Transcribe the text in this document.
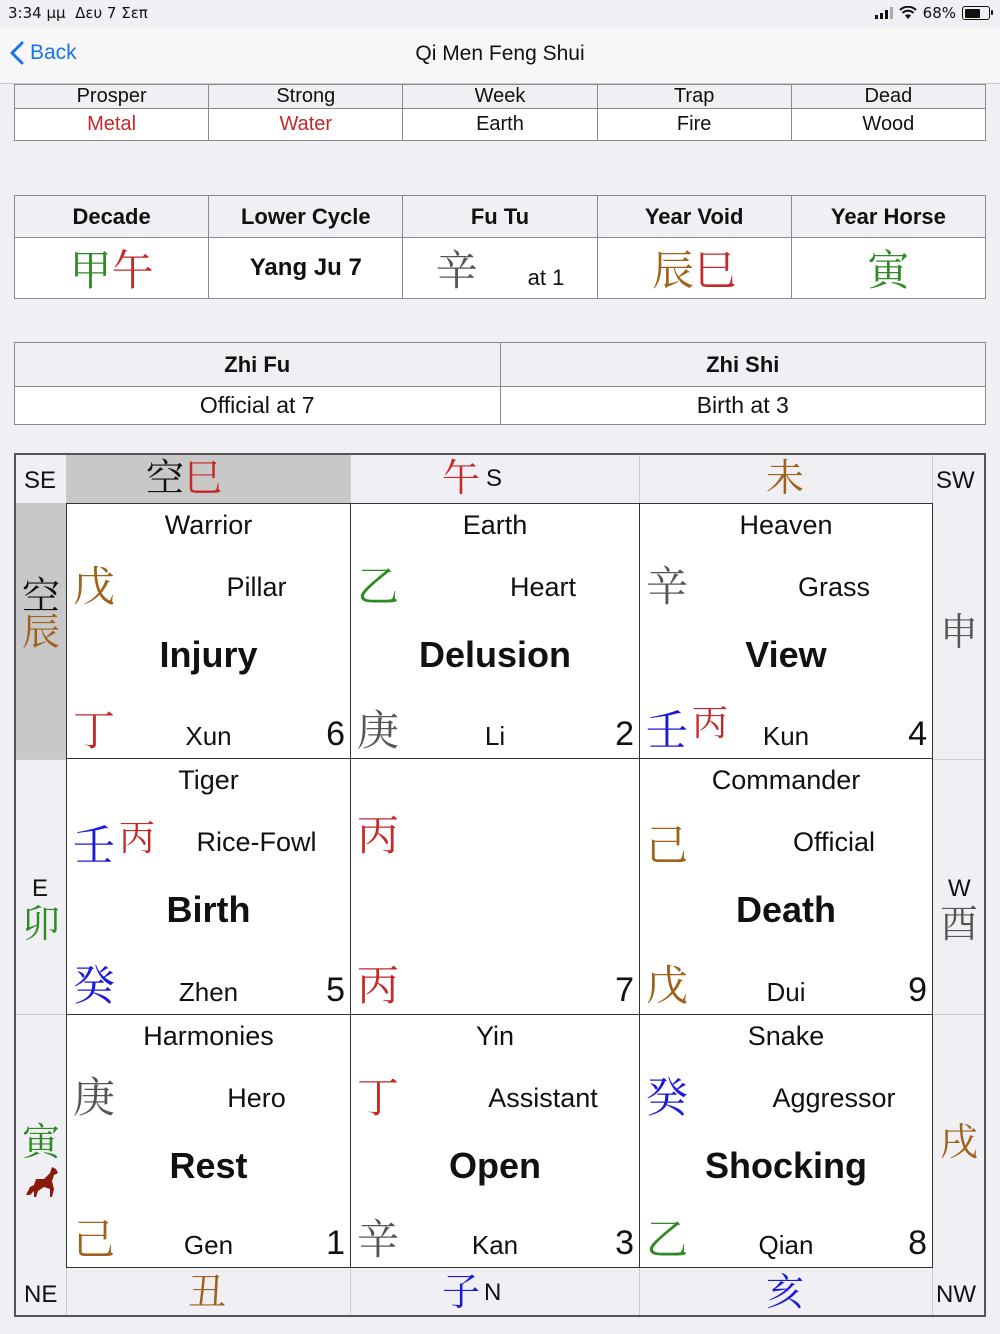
3:34 μμ Δευ 7 Σεπ	68%
Back	Qi Men Feng Shui
Prosper	Strong	Week	Trap	Dead
Metal	Water	Earth	Fire	Wood
Decade	Lower Cycle	Fu Tu	Year Void	Year Horse
甲午	Yang Ju 7	辛 at 1	辰巳	寅
Zhi Fu	Zhi Shi
Official at 7	Birth at 3
SE	SW
NE	NW
空巳	午 S	未
丑	子 N	亥
空
辰
E
卯
寅
申
W
酉
戌
Warrior
戊	Pillar
Injury
丁	Xun	6
Earth
乙	Heart
Delusion
庚	Li	2
Heaven
辛	Grass
View
壬 丙	Kun	4
Tiger
壬 丙	Rice-Fowl
Birth
癸	Zhen	5
丙
丙	7
Commander
己	Official
Death
戊	Dui	9
Harmonies
庚	Hero
Rest
己	Gen	1
Yin
丁	Assistant
Open
辛	Kan	3
Snake
癸	Aggressor
Shocking
乙	Qian	8
